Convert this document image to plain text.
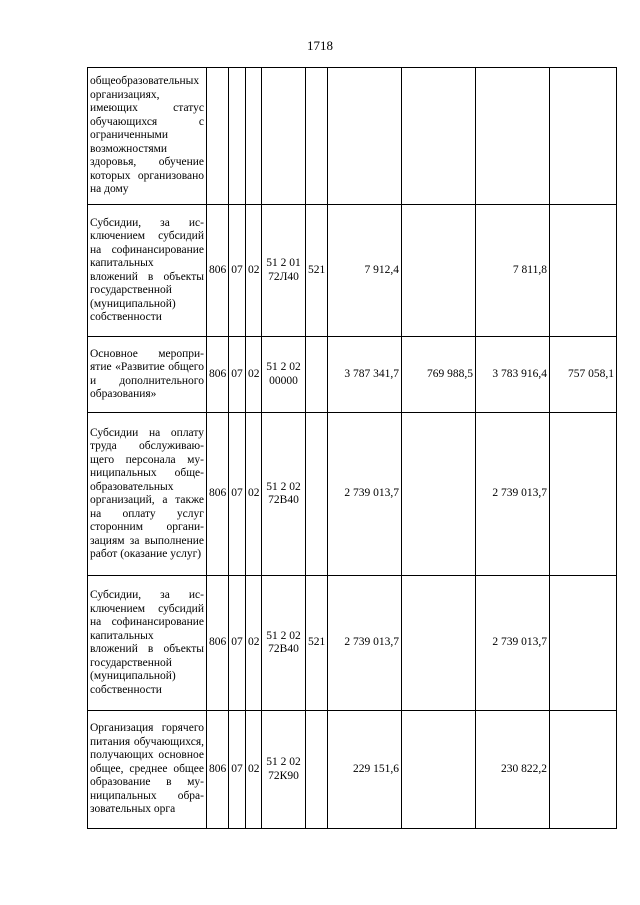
1718
общеобразовательных организациях, имеющих статус обучающихся с ограниченными возможностями здоровья, обучение которых организовано на дому									

Субсидии, за исключением субсидий на софинансирование капитальных вложений в объекты государственной (муниципальной) собственности	806	07	02	51 2 01 72Л40	521	7 912,4		7 811,8	

Основное мероприятие «Развитие общего и дополнительного образования»	806	07	02	51 2 02 00000		3 787 341,7	769 988,5	3 783 916,4	757 058,1

Субсидии на оплату труда обслуживающего персонала муниципальных общеобразовательных организаций, а также на оплату услуг сторонним организациям за выполнение работ (оказание услуг)	806	07	02	51 2 02 72В40		2 739 013,7		2 739 013,7	

Субсидии, за исключением субсидий на софинансирование капитальных вложений в объекты государственной (муниципальной) собственности	806	07	02	51 2 02 72В40	521	2 739 013,7		2 739 013,7	

Организация горячего питания обучающихся, получающих основное общее, среднее общее образование в муниципальных образовательных орга	806	07	02	51 2 02 72К90		229 151,6		230 822,2	
